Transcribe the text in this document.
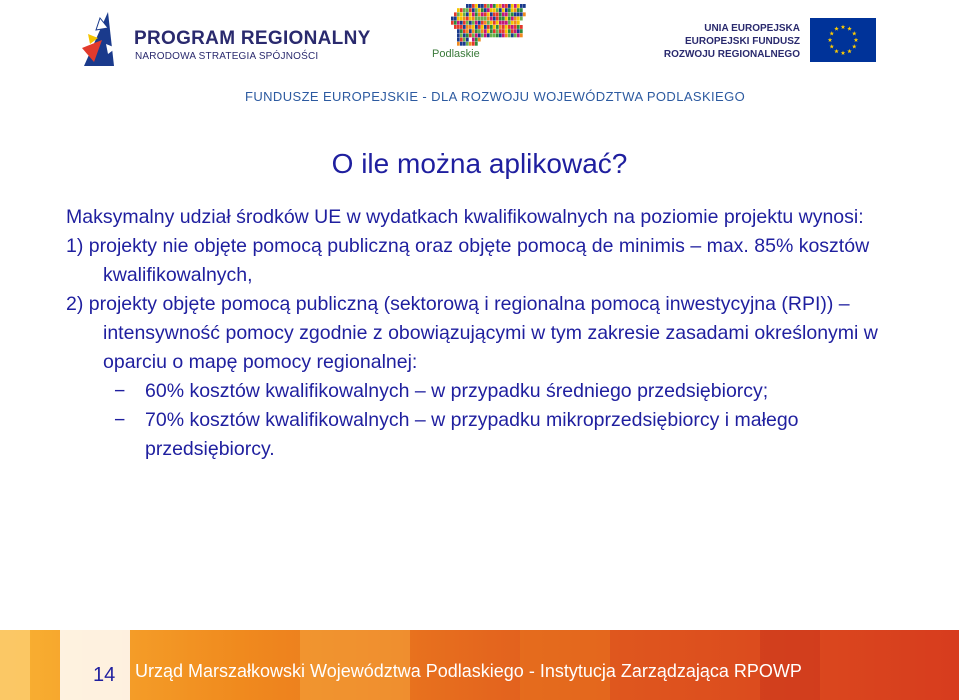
PROGRAM REGIONALNY
NARODOWA STRATEGIA SPÓJNOŚCI	Podlaskie
UNIA EUROPEJSKA
EUROPEJSKI FUNDUSZ
ROZWOJU REGIONALNEGO
FUNDUSZE EUROPEJSKIE - DLA ROZWOJU WOJEWÓDZTWA PODLASKIEGO
O ile można aplikować?

Maksymalny udział środków UE w wydatkach kwalifikowalnych na poziomie projektu wynosi:

1) projekty nie objęte pomocą publiczną oraz objęte pomocą de minimis – max. 85% kosztów kwalifikowalnych,

2) projekty objęte pomocą publiczną (sektorową i regionalna pomocą inwestycyjna (RPI)) – intensywność pomocy zgodnie z obowiązującymi w tym zakresie zasadami określonymi w oparciu o mapę pomocy regionalnej:

− 60% kosztów kwalifikowalnych – w przypadku średniego przedsiębiorcy;
− 70% kosztów kwalifikowalnych – w przypadku mikroprzedsiębiorcy i małego przedsiębiorcy.
14 Urząd Marszałkowski Województwa Podlaskiego - Instytucja Zarządzająca RPOWP
